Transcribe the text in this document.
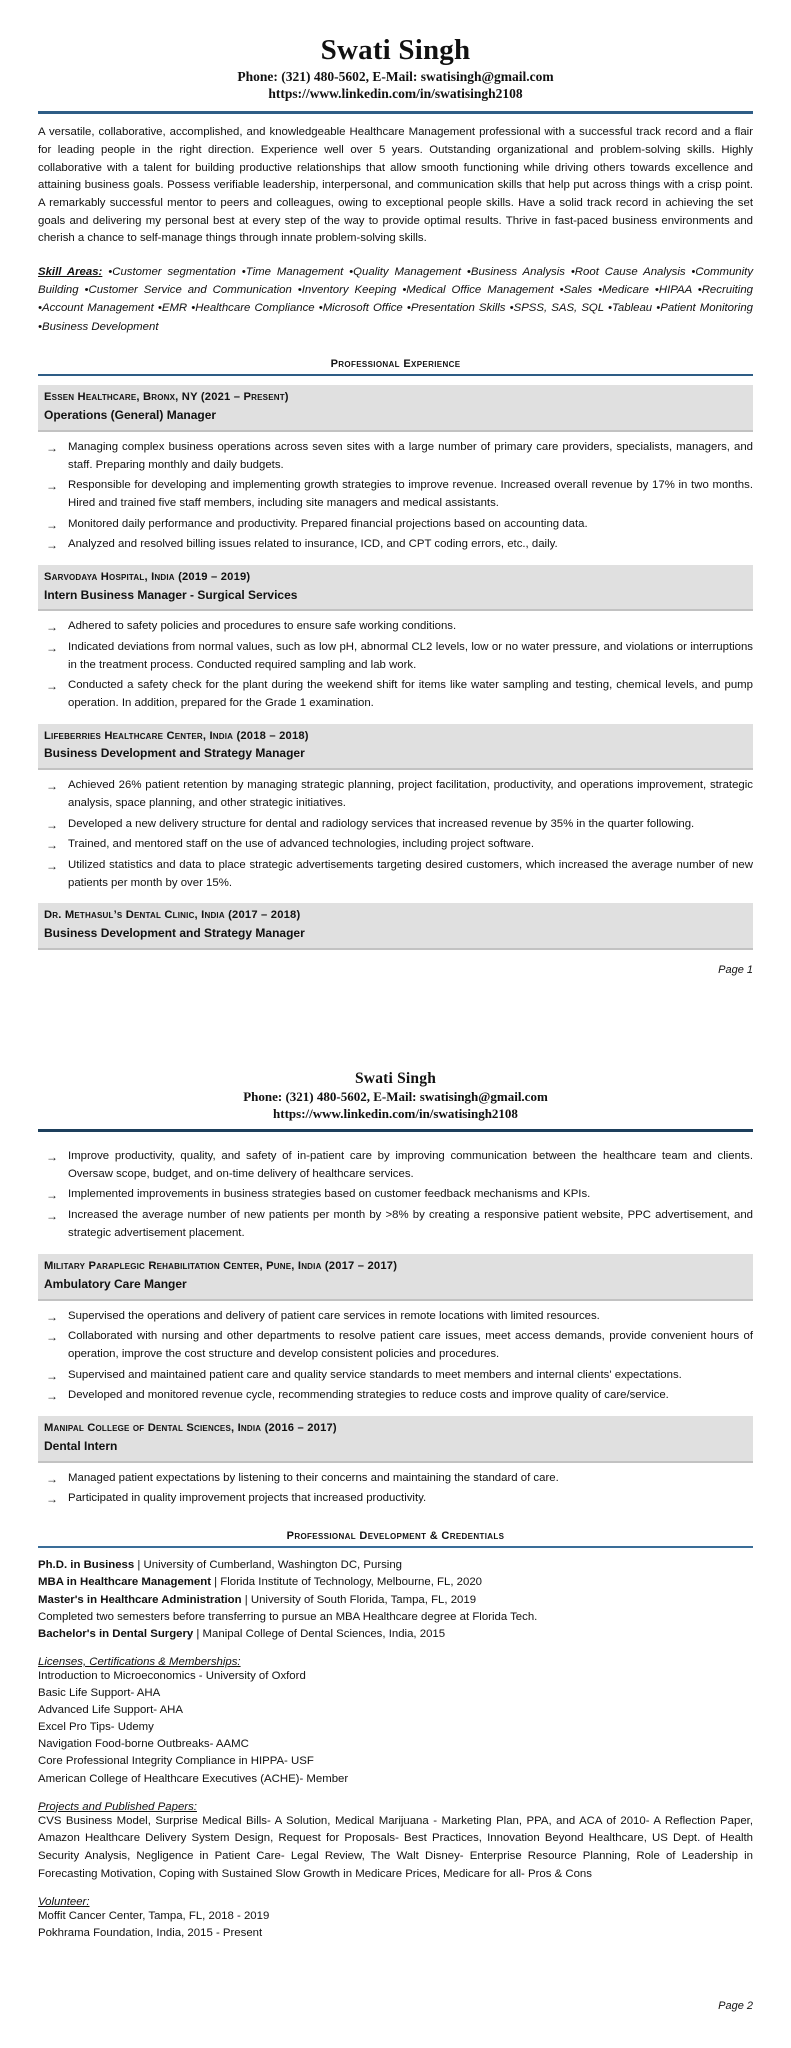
Swati Singh
Phone: (321) 480-5602, E-Mail: swatisingh@gmail.com
https://www.linkedin.com/in/swatisingh2108

A versatile, collaborative, accomplished, and knowledgeable Healthcare Management professional with a successful track record and a flair for leading people in the right direction. Experience well over 5 years. Outstanding organizational and problem-solving skills. Highly collaborative with a talent for building productive relationships that allow smooth functioning while driving others towards excellence and attaining business goals. Possess verifiable leadership, interpersonal, and communication skills that help put across things with a crisp point. A remarkably successful mentor to peers and colleagues, owing to exceptional people skills. Have a solid track record in achieving the set goals and delivering my personal best at every step of the way to provide optimal results. Thrive in fast-paced business environments and cherish a chance to self-manage things through innate problem-solving skills.

Skill Areas: •Customer segmentation •Time Management •Quality Management •Business Analysis •Root Cause Analysis •Community Building •Customer Service and Communication •Inventory Keeping •Medical Office Management •Sales •Medicare •HIPAA •Recruiting •Account Management •EMR •Healthcare Compliance •Microsoft Office •Presentation Skills •SPSS, SAS, SQL •Tableau •Patient Monitoring •Business Development

Professional Experience
Essen Healthcare, Bronx, NY (2021 – Present)
Operations (General) Manager
→ Managing complex business operations across seven sites with a large number of primary care providers, specialists, managers, and staff. Preparing monthly and daily budgets.
→ Responsible for developing and implementing growth strategies to improve revenue. Increased overall revenue by 17% in two months. Hired and trained five staff members, including site managers and medical assistants.
→ Monitored daily performance and productivity. Prepared financial projections based on accounting data.
→ Analyzed and resolved billing issues related to insurance, ICD, and CPT coding errors, etc., daily.
Sarvodaya Hospital, India (2019 – 2019)
Intern Business Manager - Surgical Services
→ Adhered to safety policies and procedures to ensure safe working conditions.
→ Indicated deviations from normal values, such as low pH, abnormal CL2 levels, low or no water pressure, and violations or interruptions in the treatment process. Conducted required sampling and lab work.
→ Conducted a safety check for the plant during the weekend shift for items like water sampling and testing, chemical levels, and pump operation. In addition, prepared for the Grade 1 examination.
Lifeberries Healthcare Center, India (2018 – 2018)
Business Development and Strategy Manager
→ Achieved 26% patient retention by managing strategic planning, project facilitation, productivity, and operations improvement, strategic analysis, space planning, and other strategic initiatives.
→ Developed a new delivery structure for dental and radiology services that increased revenue by 35% in the quarter following.
→ Trained, and mentored staff on the use of advanced technologies, including project software.
→ Utilized statistics and data to place strategic advertisements targeting desired customers, which increased the average number of new patients per month by over 15%.
Dr. Methasul’s Dental Clinic, India (2017 – 2018)
Business Development and Strategy Manager
Page 1
Swati Singh
Phone: (321) 480-5602, E-Mail: swatisingh@gmail.com
https://www.linkedin.com/in/swatisingh2108
→ Improve productivity, quality, and safety of in-patient care by improving communication between the healthcare team and clients. Oversaw scope, budget, and on-time delivery of healthcare services.
→ Implemented improvements in business strategies based on customer feedback mechanisms and KPIs.
→ Increased the average number of new patients per month by >8% by creating a responsive patient website, PPC advertisement, and strategic advertisement placement.
Military Paraplegic Rehabilitation Center, Pune, India (2017 – 2017)
Ambulatory Care Manger
→ Supervised the operations and delivery of patient care services in remote locations with limited resources.
→ Collaborated with nursing and other departments to resolve patient care issues, meet access demands, provide convenient hours of operation, improve the cost structure and develop consistent policies and procedures.
→ Supervised and maintained patient care and quality service standards to meet members and internal clients' expectations.
→ Developed and monitored revenue cycle, recommending strategies to reduce costs and improve quality of care/service.
Manipal College of Dental Sciences, India (2016 – 2017)
Dental Intern
→ Managed patient expectations by listening to their concerns and maintaining the standard of care.
→ Participated in quality improvement projects that increased productivity.
Professional Development & Credentials

Ph.D. in Business | University of Cumberland, Washington DC, Pursing

MBA in Healthcare Management | Florida Institute of Technology, Melbourne, FL, 2020

Master's in Healthcare Administration | University of South Florida, Tampa, FL, 2019

Completed two semesters before transferring to pursue an MBA Healthcare degree at Florida Tech.

Bachelor's in Dental Surgery | Manipal College of Dental Sciences, India, 2015

Licenses, Certifications & Memberships:

Introduction to Microeconomics - University of Oxford

Basic Life Support- AHA

Advanced Life Support- AHA

Excel Pro Tips- Udemy

Navigation Food-borne Outbreaks- AAMC

Core Professional Integrity Compliance in HIPPA- USF

American College of Healthcare Executives (ACHE)- Member

Projects and Published Papers:

CVS Business Model, Surprise Medical Bills- A Solution, Medical Marijuana - Marketing Plan, PPA, and ACA of 2010- A Reflection Paper, Amazon Healthcare Delivery System Design, Request for Proposals- Best Practices, Innovation Beyond Healthcare, US Dept. of Health Security Analysis, Negligence in Patient Care- Legal Review, The Walt Disney- Enterprise Resource Planning, Role of Leadership in Forecasting Motivation, Coping with Sustained Slow Growth in Medicare Prices, Medicare for all- Pros & Cons

Volunteer:

Moffit Cancer Center, Tampa, FL, 2018 - 2019

Pokhrama Foundation, India, 2015 - Present

Page 2
